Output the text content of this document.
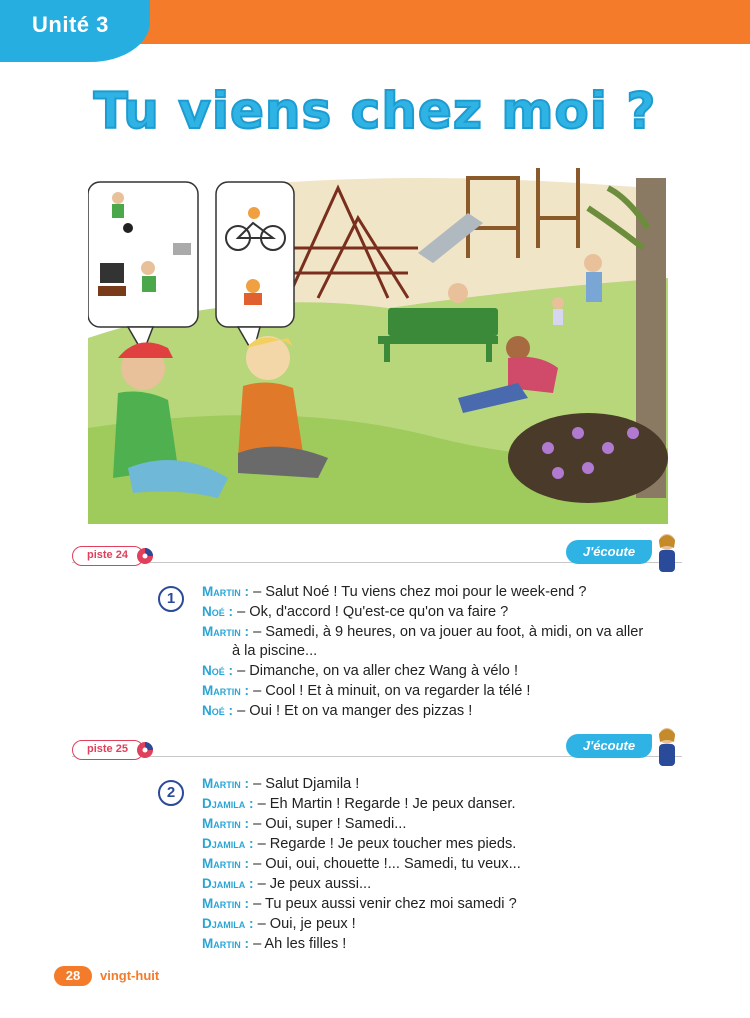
Unité 3
Tu viens chez moi ?
piste 24	J'écoute
1	Martin : – Salut Noé ! Tu viens chez moi pour le week-end ?
Noé : – Ok, d'accord ! Qu'est-ce qu'on va faire ?
Martin : – Samedi, à 9 heures, on va jouer au foot, à midi, on va aller
à la piscine...
Noé : – Dimanche, on va aller chez Wang à vélo !
Martin : – Cool ! Et à minuit, on va regarder la télé !
Noé : – Oui ! Et on va manger des pizzas !
piste 25	J'écoute
2
Martin : – Salut Djamila !
Djamila : – Eh Martin ! Regarde ! Je peux danser.
Martin : – Oui, super ! Samedi...
Djamila : – Regarde ! Je peux toucher mes pieds.
Martin : – Oui, oui, chouette !... Samedi, tu veux...
Djamila : – Je peux aussi...
Martin : – Tu peux aussi venir chez moi samedi ?
Djamila : – Oui, je peux !
Martin : – Ah les filles !
28	vingt-huit
